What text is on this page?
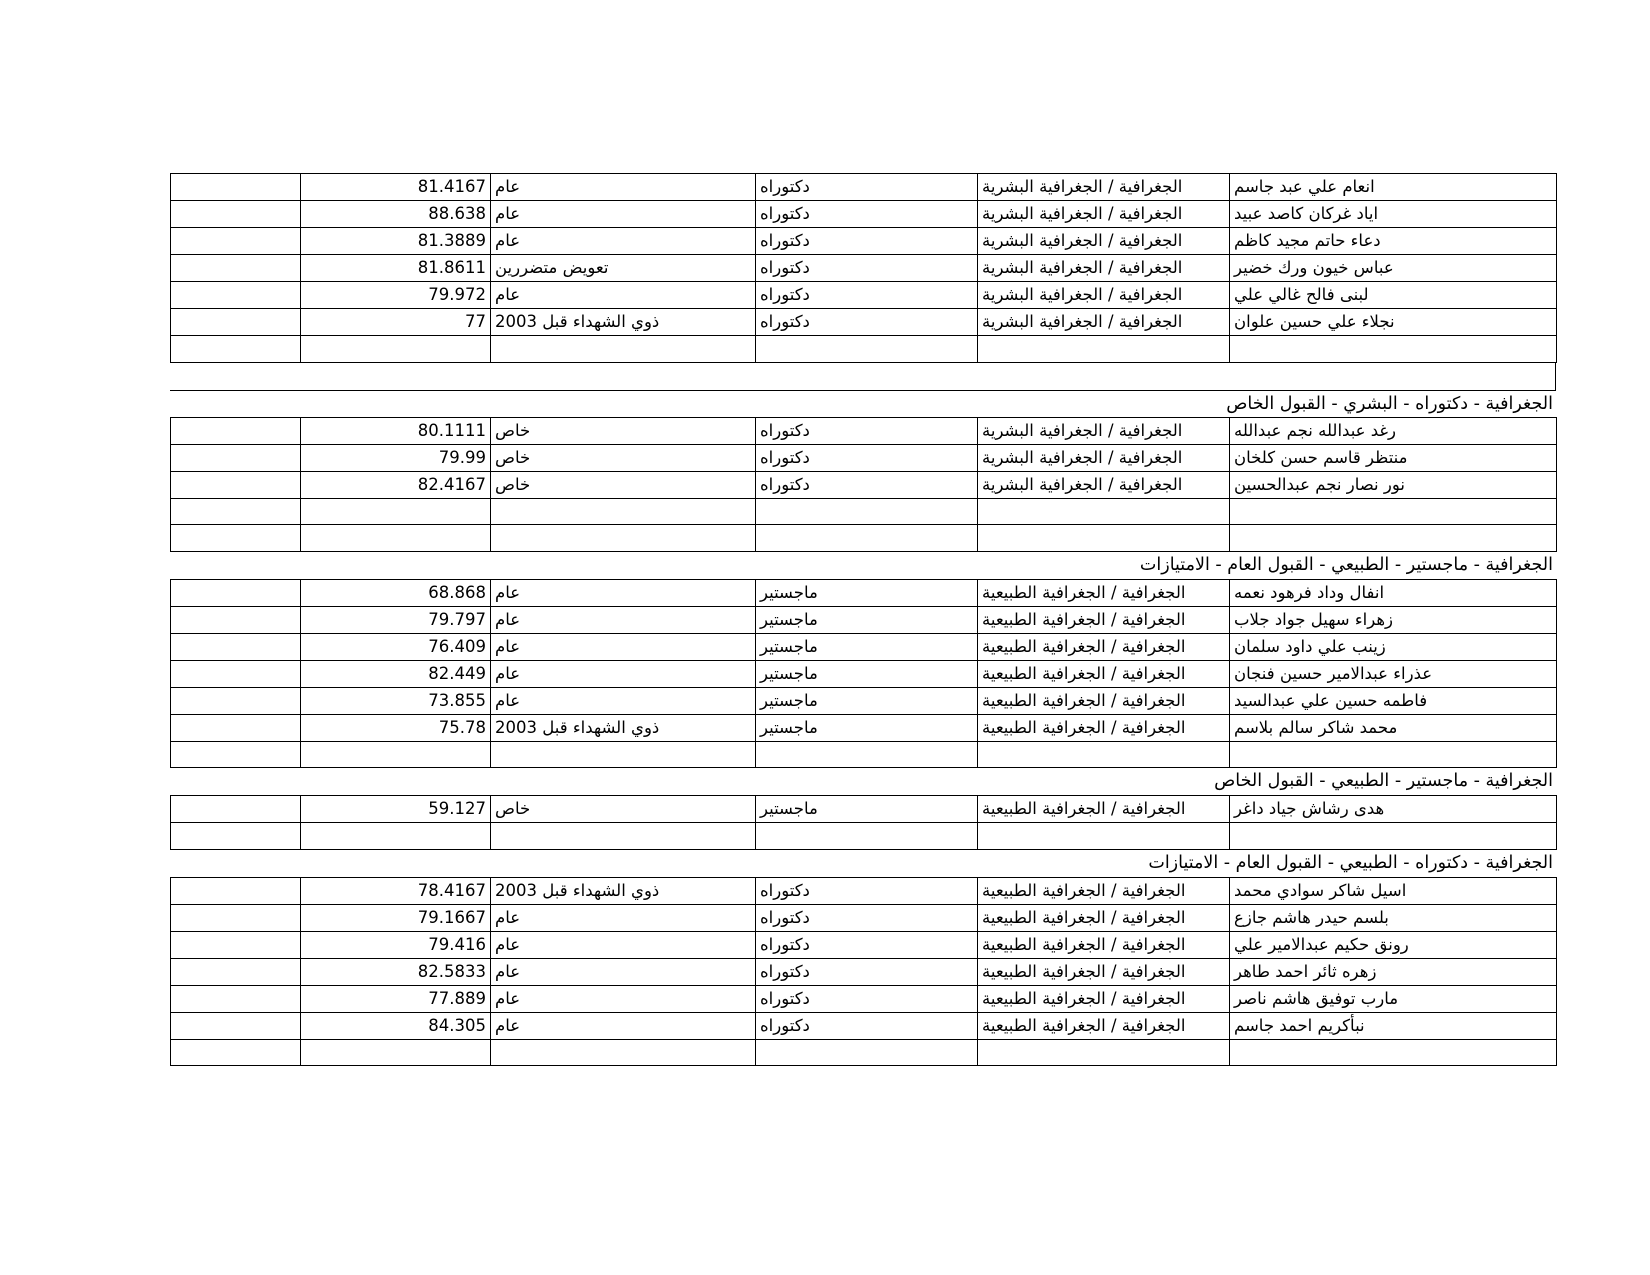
	81.4167	عام	دكتوراه	الجغرافية / الجغرافية البشرية	انعام علي عبد جاسم
	88.638	عام	دكتوراه	الجغرافية / الجغرافية البشرية	اياد غركان كاصد عبيد
	81.3889	عام	دكتوراه	الجغرافية / الجغرافية البشرية	دعاء حاتم مجيد كاظم
	81.8611	تعويض متضررين	دكتوراه	الجغرافية / الجغرافية البشرية	عباس خيون ورك خضير
	79.972	عام	دكتوراه	الجغرافية / الجغرافية البشرية	لبنى فالح غالي علي
	77	ذوي الشهداء قبل 2003	دكتوراه	الجغرافية / الجغرافية البشرية	نجلاء علي حسين علوان

الجغرافية - دكتوراه - البشري - القبول الخاص
	80.1111	خاص	دكتوراه	الجغرافية / الجغرافية البشرية	رغد عبدالله نجم عبدالله
	79.99	خاص	دكتوراه	الجغرافية / الجغرافية البشرية	منتظر قاسم حسن كلخان
	82.4167	خاص	دكتوراه	الجغرافية / الجغرافية البشرية	نور نصار نجم عبدالحسين

الجغرافية - ماجستير - الطبيعي - القبول العام - الامتيازات
	68.868	عام	ماجستير	الجغرافية / الجغرافية الطبيعية	انفال وداد فرهود نعمه
	79.797	عام	ماجستير	الجغرافية / الجغرافية الطبيعية	زهراء سهيل جواد جلاب
	76.409	عام	ماجستير	الجغرافية / الجغرافية الطبيعية	زينب علي داود سلمان
	82.449	عام	ماجستير	الجغرافية / الجغرافية الطبيعية	عذراء عبدالامير حسين فنجان
	73.855	عام	ماجستير	الجغرافية / الجغرافية الطبيعية	فاطمه حسين علي عبدالسيد
	75.78	ذوي الشهداء قبل 2003	ماجستير	الجغرافية / الجغرافية الطبيعية	محمد شاكر سالم بلاسم

الجغرافية - ماجستير - الطبيعي - القبول الخاص
	59.127	خاص	ماجستير	الجغرافية / الجغرافية الطبيعية	هدى رشاش جياد داغر

الجغرافية - دكتوراه - الطبيعي - القبول العام - الامتيازات
	78.4167	ذوي الشهداء قبل 2003	دكتوراه	الجغرافية / الجغرافية الطبيعية	اسيل شاكر سوادي محمد
	79.1667	عام	دكتوراه	الجغرافية / الجغرافية الطبيعية	بلسم حيدر هاشم جازع
	79.416	عام	دكتوراه	الجغرافية / الجغرافية الطبيعية	رونق حكيم عبدالامير علي
	82.5833	عام	دكتوراه	الجغرافية / الجغرافية الطبيعية	زهره ثائر احمد طاهر
	77.889	عام	دكتوراه	الجغرافية / الجغرافية الطبيعية	مارب توفيق هاشم ناصر
	84.305	عام	دكتوراه	الجغرافية / الجغرافية الطبيعية	نبأكريم احمد جاسم
